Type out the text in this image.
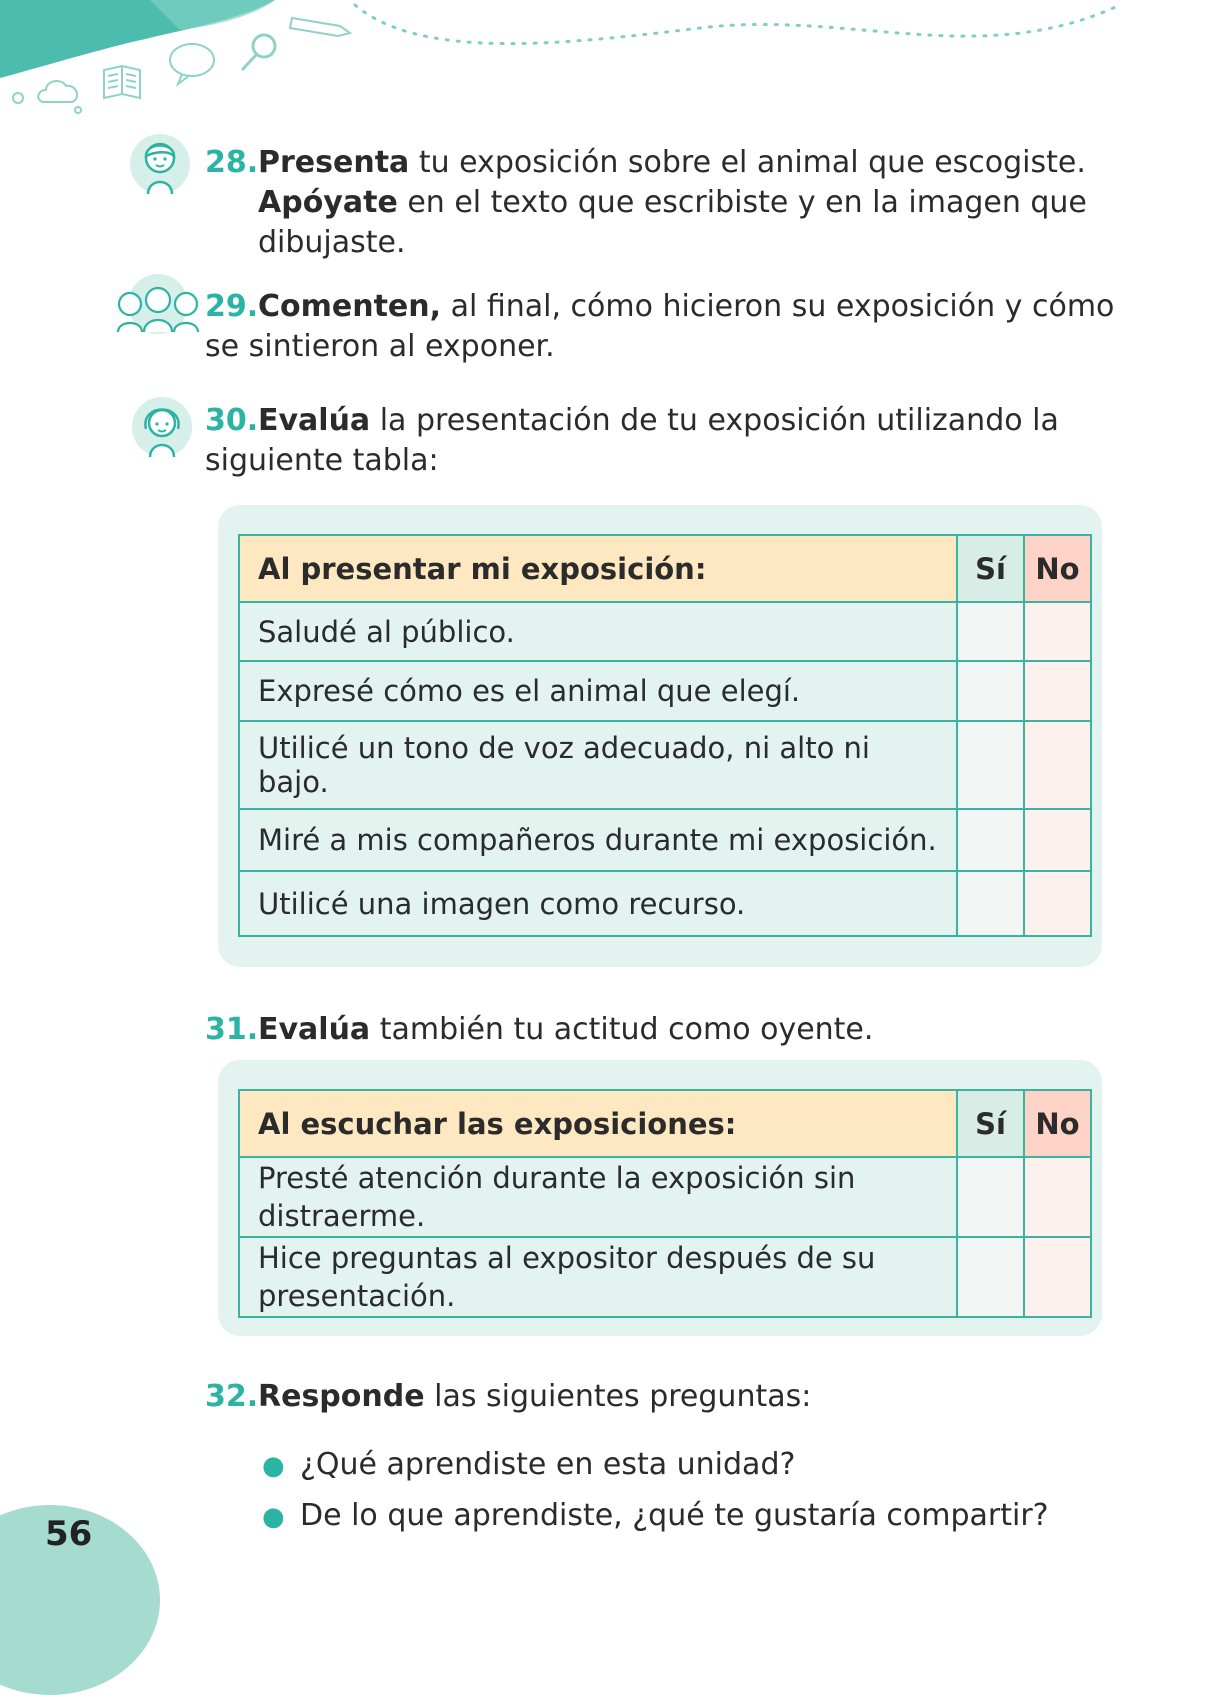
28.Presenta tu exposición sobre el animal que escogiste.
Apóyate en el texto que escribiste y en la imagen que dibujaste.
29.Comenten, al final, cómo hicieron su exposición y cómo se sintieron al exponer.
30.Evalúa la presentación de tu exposición utilizando la siguiente tabla:
Al presentar mi exposición:	Sí	No
Saludé al público.		
Expresé cómo es el animal que elegí.		
Utilicé un tono de voz adecuado, ni alto ni bajo.		
Miré a mis compañeros durante mi exposición.		
Utilicé una imagen como recurso.		
31.Evalúa también tu actitud como oyente.
Al escuchar las exposiciones:	Sí	No
Presté atención durante la exposición sin distraerme.		
Hice preguntas al expositor después de su presentación.		
32.Responde las siguientes preguntas:
● ¿Qué aprendiste en esta unidad?
● De lo que aprendiste, ¿qué te gustaría compartir?
56
